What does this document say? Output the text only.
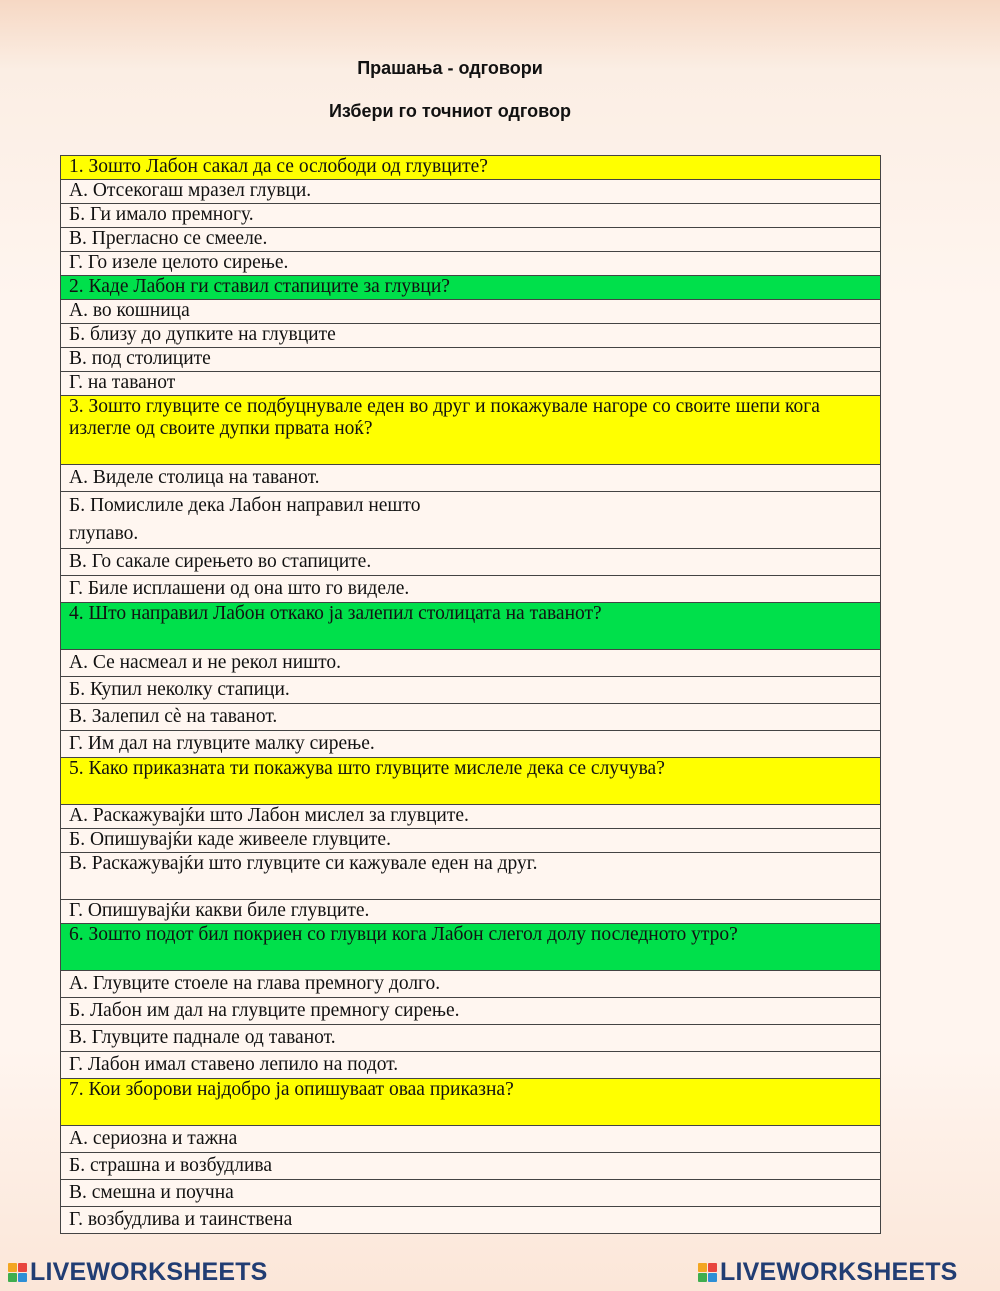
Прашања - одговори
Избери го точниот одговор
1. Зошто Лабон сакал да се ослободи од глувците?
А. Отсекогаш мразел глувци.
Б. Ги имало премногу.
В. Прегласно се смееле.
Г. Го изеле целото сирење.
2. Каде Лабон ги ставил стапиците за глувци?
А. во кошница
Б. близу до дупките на глувците
В. под столиците
Г. на таванот
3. Зошто глувците се подбуцнувале еден во друг и покажувале нагоре со своите шепи кога излегле од своите дупки првата ноќ?
А. Виделе столица на таванот.
Б. Помислиле дека Лабон направил нешто глупаво.
В. Го сакале сирењето во стапиците.
Г. Биле исплашени од она што го виделе.
4. Што направил Лабон откако ја залепил столицата на таванот?
А. Се насмеал и не рекол ништо.
Б. Купил неколку стапици.
В. Залепил сè на таванот.
Г. Им дал на глувците малку сирење.
5. Како приказната ти покажува што глувците мислеле дека се случува?
А. Раскажувајќи што Лабон мислел за глувците.
Б. Опишувајќи каде живееле глувците.
В. Раскажувајќи што глувците си кажувале еден на друг.
Г. Опишувајќи какви биле глувците.
6. Зошто подот бил покриен со глувци кога Лабон слегол долу последното утро?
А. Глувците стоеле на глава премногу долго.
Б. Лабон им дал на глувците премногу сирење.
В. Глувците паднале од таванот.
Г. Лабон имал ставено лепило на подот.
7. Кои зборови најдобро ја опишуваат оваа приказна?
А. сериозна и тажна
Б. страшна и возбудлива
В. смешна и поучна
Г. возбудлива и таинствена
LIVEWORKSHEETS	LIVEWORKSHEETS
